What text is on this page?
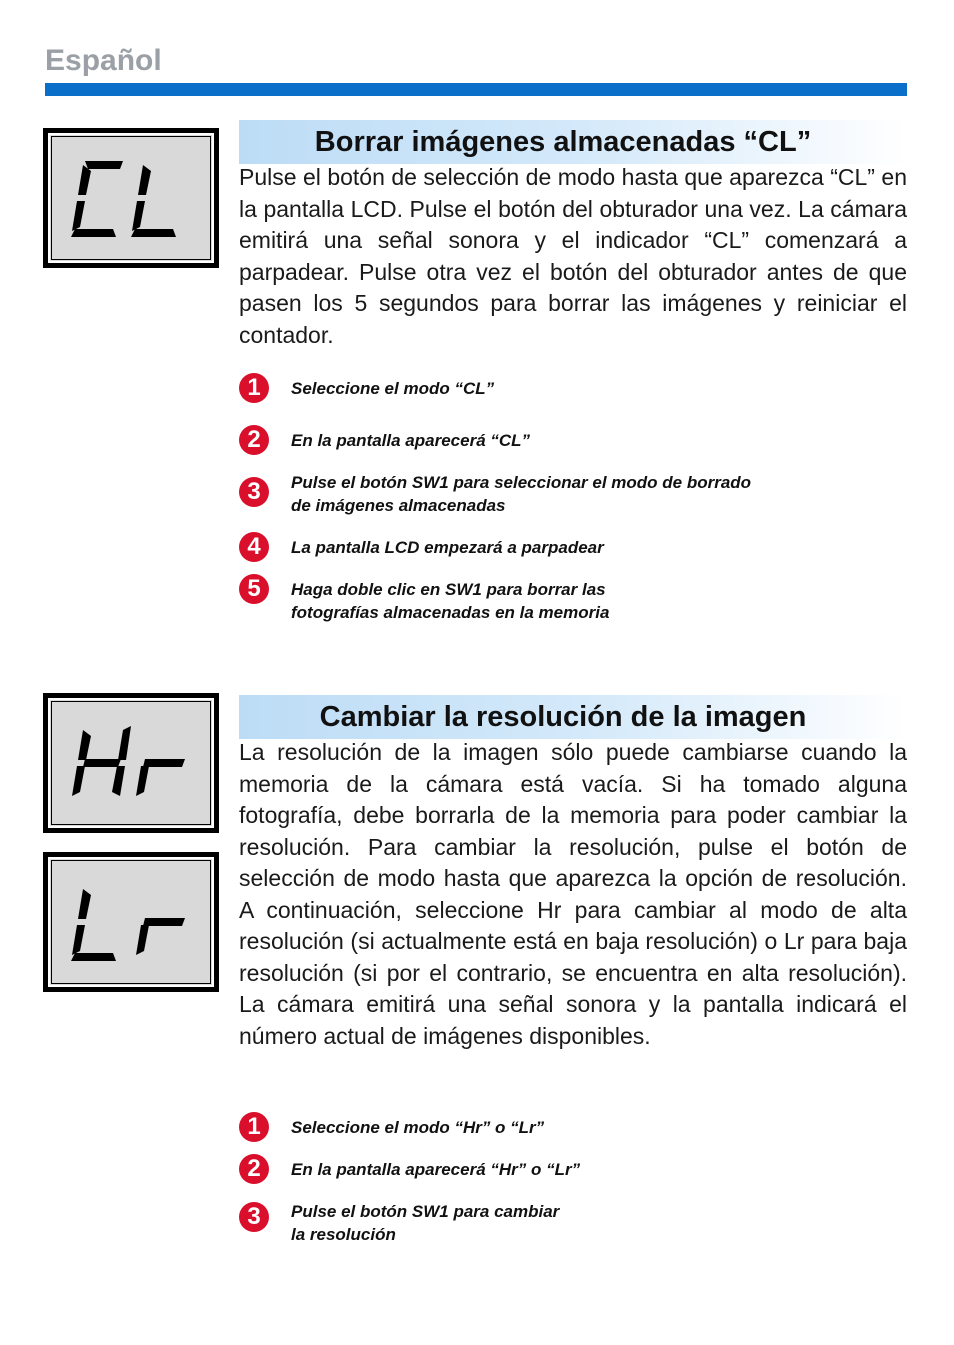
Español
Borrar imágenes almacenadas “CL”

Pulse el botón de selección de modo hasta que aparezca “CL” en la pantalla LCD. Pulse el botón del obturador una vez. La cámara emitirá una señal sonora y el indicador “CL” comenzará a parpadear. Pulse otra vez el botón del obturador antes de que pasen los 5 segundos para borrar las imágenes y reiniciar el contador.

1	Seleccione el modo “CL”
2	En la pantalla aparecerá “CL”
3	Pulse el botón SW1 para seleccionar el modo de borrado
de imágenes almacenadas
4	La pantalla LCD empezará a parpadear
5	Haga doble clic en SW1 para borrar las
fotografías almacenadas en la memoria
Cambiar la resolución de la imagen

La resolución de la imagen sólo puede cambiarse cuando la memoria de la cámara está vacía. Si ha tomado alguna fotografía, debe borrarla de la memoria para poder cambiar la resolución. Para cambiar la resolución, pulse el botón de selección de modo hasta que aparezca la opción de resolución. A continuación, seleccione Hr para cambiar al modo de alta resolución (si actualmente está en baja resolución) o Lr para baja resolución (si por el contrario, se encuentra en alta resolución). La cámara emitirá una señal sonora y la pantalla indicará el número actual de imágenes disponibles.

1	Seleccione el modo “Hr” o “Lr”
2	En la pantalla aparecerá “Hr” o “Lr”
3	Pulse el botón SW1 para cambiar
la resolución
